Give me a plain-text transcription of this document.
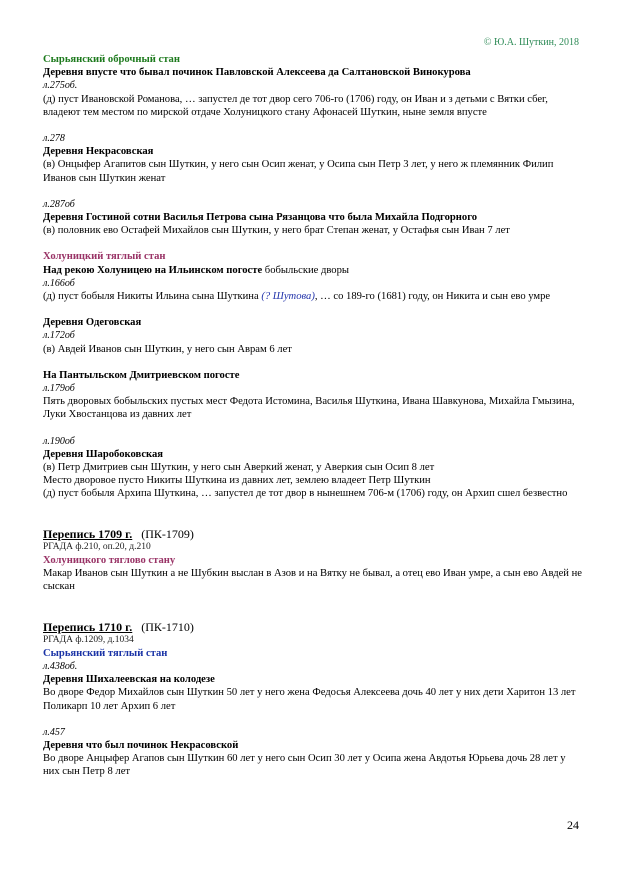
© Ю.А. Шуткин, 2018
Сырьянский оброчный стан
Деревня впусте что бывал починок Павловской Алексеева да Салтановской Винокурова
л.275об.
(д) пуст Ивановской Романова, … запустел де тот двор сего 706-го (1706) году, он Иван и з детьми с Вятки сбег, владеют тем местом по мирской отдаче Холуницкого стану Афонасей Шуткин, ныне земля впусте
л.278
Деревня Некрасовская
(в) Онцыфер Агапитов сын Шуткин, у него сын Осип женат, у Осипа сын Петр 3 лет, у него ж племянник Филип Иванов сын Шуткин женат
л.287об
Деревня Гостиной сотни Василья Петрова сына Рязанцова что была Михайла Подгорного
(в) половник ево Остафей Михайлов сын Шуткин, у него брат Степан женат, у Остафья сын Иван 7 лет
Холуницкий тяглый стан
Над рекою Холуницею на Ильинском погосте бобыльские дворы
л.166об
(д) пуст бобыля Никиты Ильина сына Шуткина (? Шутова), … со 189-го (1681) году, он Никита и сын ево умре
Деревня Одеговская
л.172об
(в) Авдей Иванов сын Шуткин, у него сын Аврам 6 лет
На Пантыльском Дмитриевском погосте
л.179об
Пять дворовых бобыльских пустых мест Федота Истомина, Василья Шуткина, Ивана Шавкунова, Михайла Гмызина, Луки Хвостанцова из давних лет
л.190об
Деревня Шаробоковская
(в) Петр Дмитриев сын Шуткин, у него сын Аверкий женат, у Аверкия сын Осип 8 лет
Место дворовое пусто Никиты Шуткина из давних лет, землею владеет Петр Шуткин
(д) пуст бобыля Архипа Шуткина, … запустел де тот двор в нынешнем 706-м (1706) году, он Архип сшел безвестно
Перепись 1709 г. (ПК-1709)
РГАДА ф.210, оп.20, д.210
Холуницкого тяглово стану
Макар Иванов сын Шуткин а не Шубкин выслан в Азов и на Вятку не бывал, а отец ево Иван умре, а сын ево Авдей не сыскан
Перепись 1710 г. (ПК-1710)
РГАДА ф.1209, д.1034
Сырьянский тяглый стан
л.438об.
Деревня Шихалеевская на колодезе
Во дворе Федор Михайлов сын Шуткин 50 лет у него жена Федосья Алексеева дочь 40 лет у них дети Харитон 13 лет Поликарп 10 лет Архип 6 лет
л.457
Деревня что был починок Некрасовской
Во дворе Анцыфер Агапов сын Шуткин 60 лет у него сын Осип 30 лет у Осипа жена Авдотья Юрьева дочь 28 лет у них сын Петр 8 лет
24
